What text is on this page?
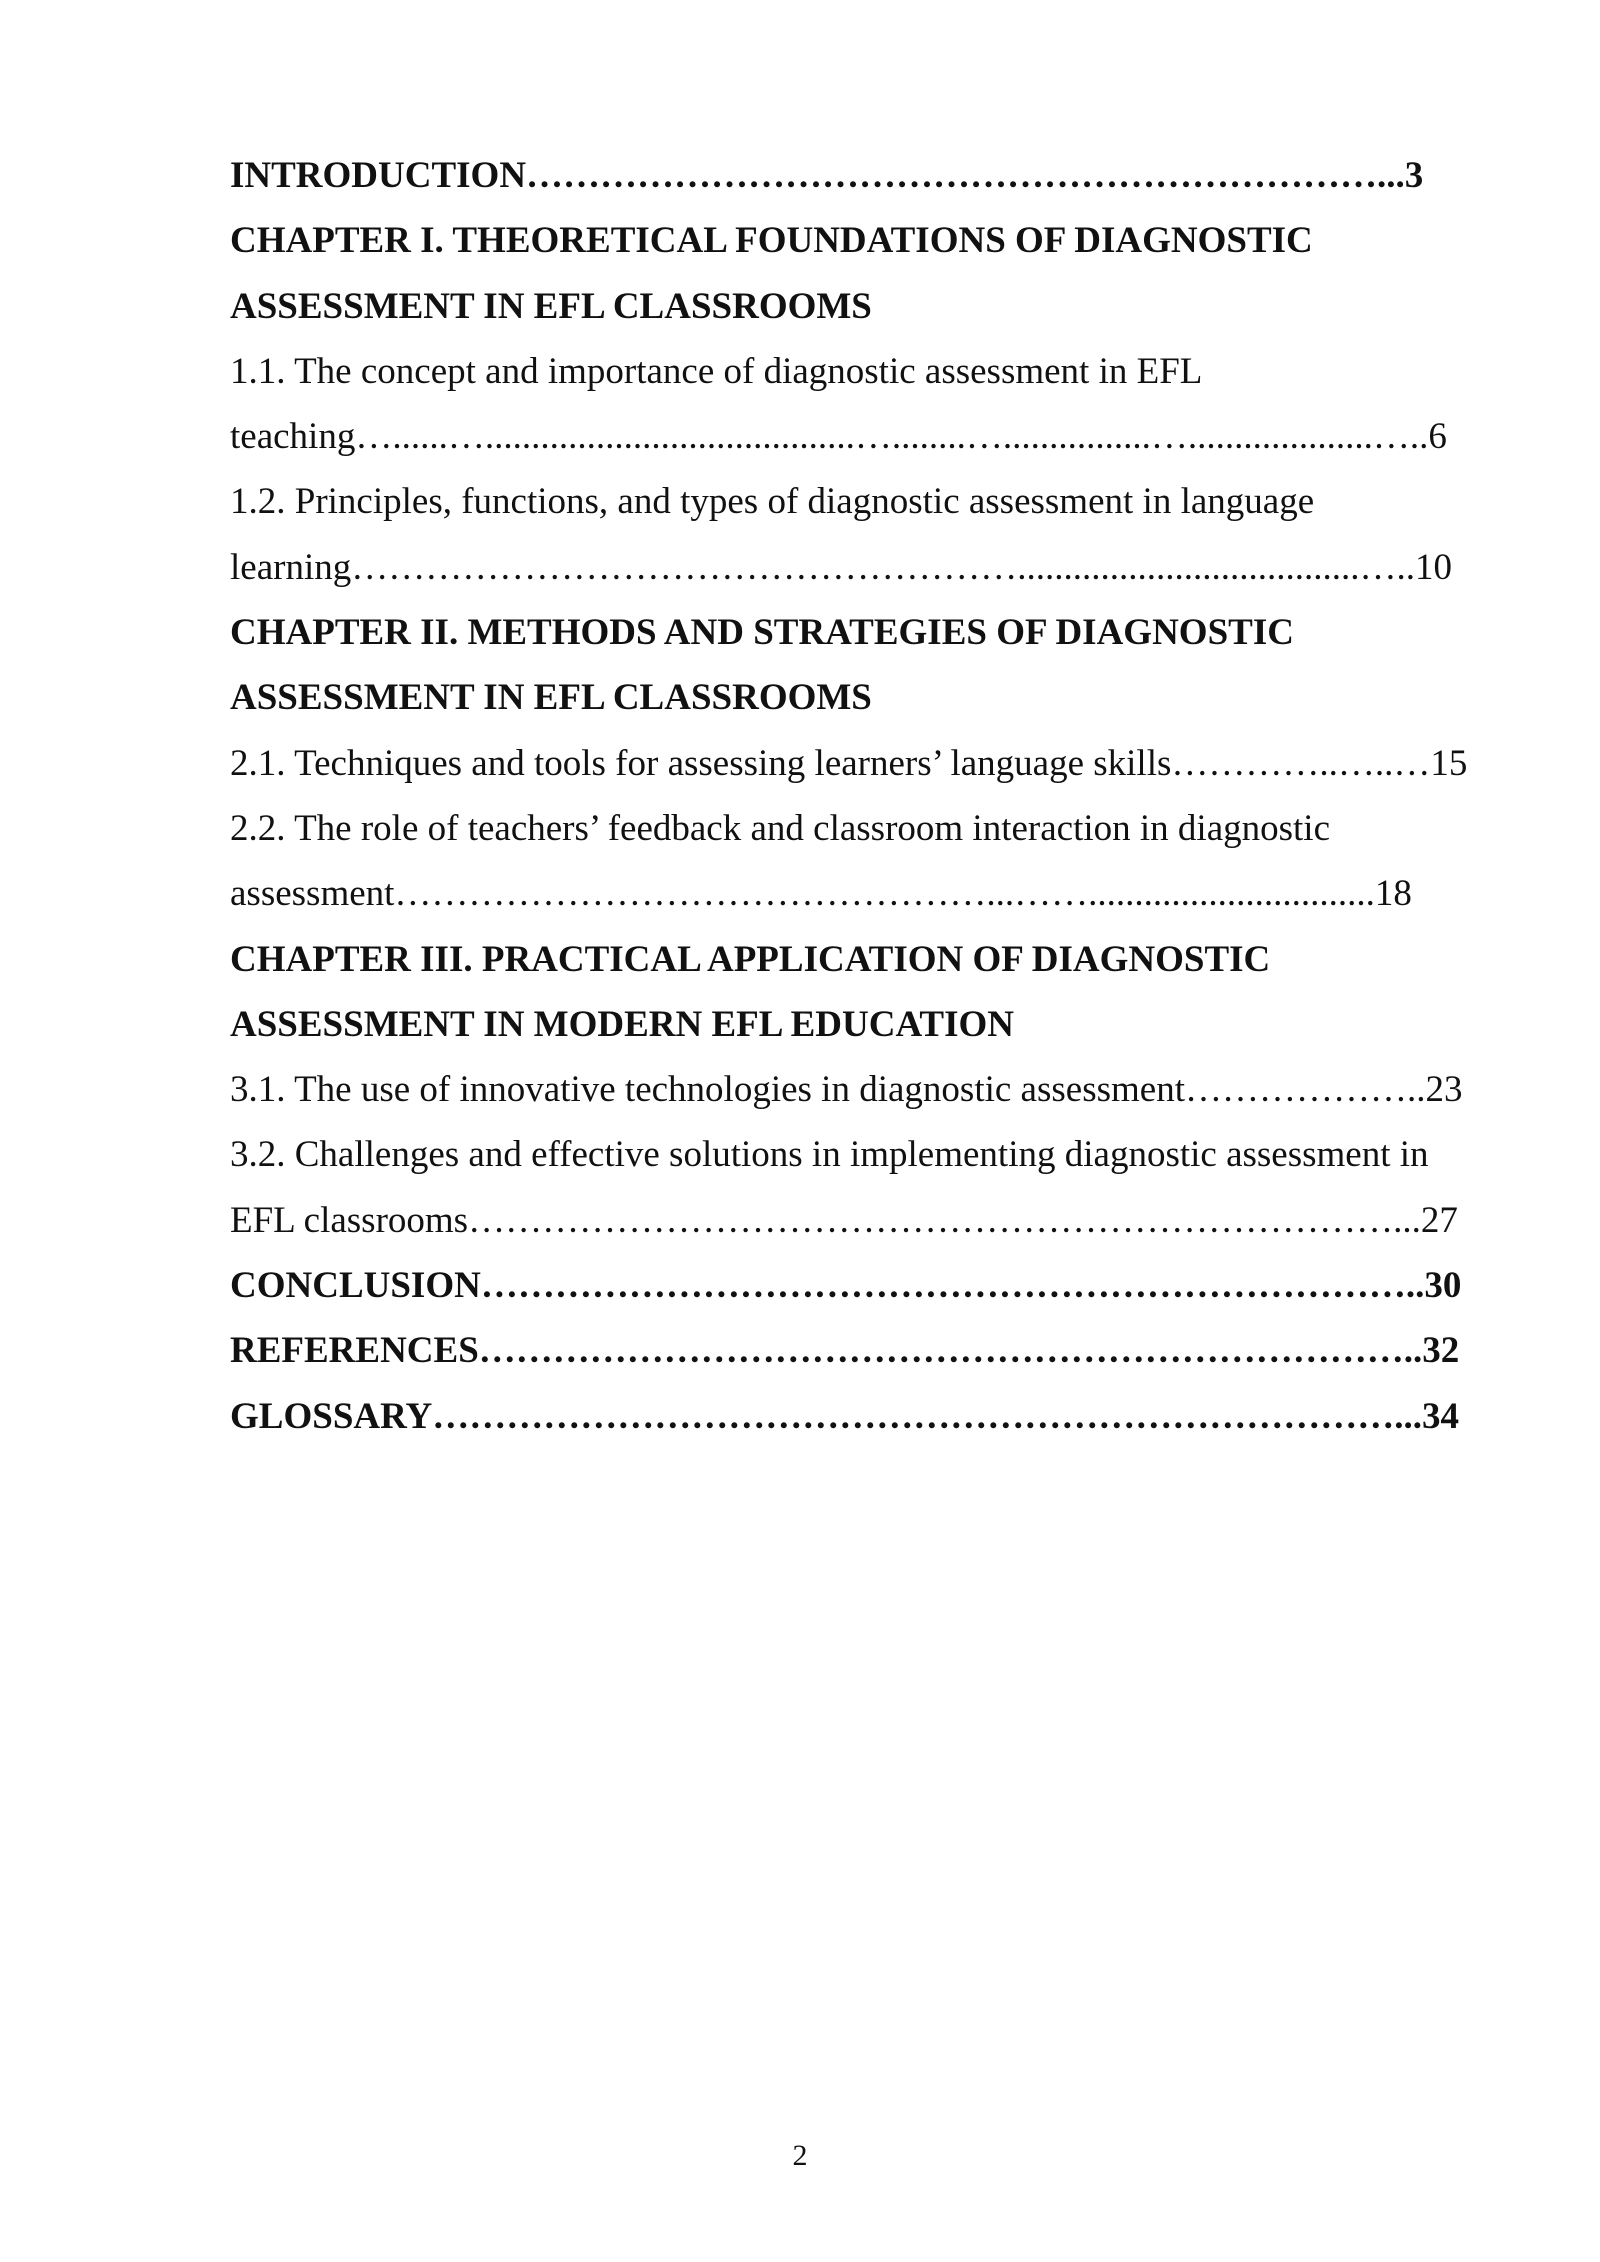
INTRODUCTION……………………………………………………………...3
CHAPTER I. THEORETICAL FOUNDATIONS OF DIAGNOSTIC
ASSESSMENT IN EFL CLASSROOMS
1.1. The concept and importance of diagnostic assessment in EFL
teaching…......…........................................…........…................…....................…..6
1.2. Principles, functions, and types of diagnostic assessment in language
learning……………………………………………….....................................…..10
CHAPTER II. METHODS AND STRATEGIES OF DIAGNOSTIC
ASSESSMENT IN EFL CLASSROOMS
2.1. Techniques and tools for assessing learners’ language skills…………..…..…15
2.2. The role of teachers’ feedback and classroom interaction in diagnostic
assessment…………………………………………...……...............................18
CHAPTER III. PRACTICAL APPLICATION OF DIAGNOSTIC
ASSESSMENT IN MODERN EFL EDUCATION
3.1. The use of innovative technologies in diagnostic assessment………………..23
3.2. Challenges and effective solutions in implementing diagnostic assessment in
EFL classrooms…………………………………………………………………...27
CONCLUSION…………………………………………………………………..30
REFERENCES…………………………………………………………………..32
GLOSSARY……………………………………………………………………...34
2
